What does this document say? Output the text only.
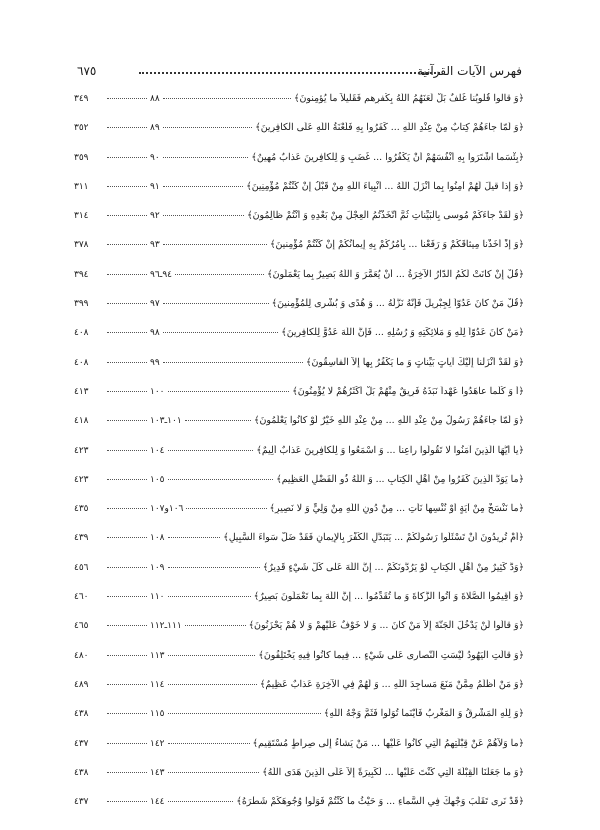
فهرس الآيات القرآنية
٦٧٥
﴿وَ قالوا قُلوبُنا غُلفٌ بَلْ لَعَنَهُمُ اللّهُ بِكُفرِهم فَقَليلاً ما يُؤمِنونَ﴾
٨٨
٣٤٩
﴿وَ لَمّا جاءَهُمْ كِتابٌ مِنْ عِنْدِ اللّهِ ... كَفَرُوا بِهِ فَلَعْنَةُ اللّهِ عَلَى الْكافِرِينَ﴾
٨٩
٣٥٢
﴿بِئْسَما اشْتَرَوا بِهِ أَنْفُسَهُمْ أَنْ يَكْفُرُوا ... غَضَبٍ وَ لِلْكافِرينَ عَذابٌ مُهِينٌ﴾
٩٠
٣٥٩
﴿وَ إذا قيلَ لَهُمْ آمِنُوا بِما أَنْزَلَ اللّهُ ... أَنْبِياءَ اللّهِ مِنْ قَبْلُ إِنْ كُنْتُمْ مُؤْمِنِينَ﴾
٩١
٣١١
﴿وَ لَقَدْ جاءَكُمْ مُوسى بِالْبَيِّناتِ ثُمَّ اتَّخَذْتُمُ الْعِجْلَ مِنْ بَعْدِهِ وَ أَنْتُمْ ظالِمُونَ﴾
٩٢
٣١٤
﴿وَ إذْ أَخَذْنا مِيثاقَكُمْ وَ رَفَعْنا ... بِأْمُرُكُمْ بِهِ إِيمانُكُمْ إِنْ كُنْتُمْ مُؤْمِنينَ﴾
٩٣
٣٧٨
﴿قُلْ إِنْ كانَتْ لَكُمُ الدّارُ الآخِرَةُ ... أَنْ يُعَمَّرَ وَ اللّهُ بَصِيرٌ بِما يَعْمَلُونَ﴾
٩٤ـ٩٦
٣٩٤
﴿قُلْ مَنْ كانَ عَدُوّاً لِجِبْرِيلَ فَإِنَّهُ نَزَّلَهُ ... وَ هُدًى وَ بُشْرى لِلْمُؤْمِنينَ﴾
٩٧
٣٩٩
﴿مَنْ كانَ عَدُوّاً لِلّهِ وَ مَلائِكَتِهِ وَ رُسُلِهِ ... فَإِنَّ اللّهَ عَدُوٌّ لِلْكافِرِينَ﴾
٩٨
٤٠٨
﴿وَ لَقَدْ أَنْزَلْنا إِلَيْكَ آياتٍ بَيِّناتٍ وَ ما يَكْفُرُ بِها إِلاّ الْفاسِقُونَ﴾
٩٩
٤٠٨
﴿أَ وَ كُلَّما عاهَدُوا عَهْداً نَبَذَهُ فَرِيقٌ مِنْهُمْ بَلْ أَكْثَرُهُمْ لا يُؤْمِنُونَ﴾
١٠٠
٤١٣
﴿وَ لَمّا جاءَهُمْ رَسُولٌ مِنْ عِنْدِ اللّهِ ... مِنْ عِنْدِ اللّهِ خَيْرٌ لَوْ كانُوا يَعْلَمُونَ﴾
١٠١ـ١٠٣
٤١٨
﴿يا أَيُّهَا الَّذِينَ آمَنُوا لا تَقُولُوا راعِنا ... وَ اسْمَعُوا وَ لِلْكافِرِينَ عَذابٌ أَلِيمٌ﴾
١٠٤
٤٢٣
﴿ما يَوَدُّ الَّذِينَ كَفَرُوا مِنْ أَهْلِ الْكِتابِ ... وَ اللّهُ ذُو الْفَضْلِ الْعَظِيمِ﴾
١٠٥
٤٢٣
﴿ما نَنْسَخْ مِنْ آيَةٍ أَوْ نُنْسِها نَأْتِ ... مِنْ دُونِ اللّهِ مِنْ وَلِيٍّ وَ لا نَصِيرٍ﴾
١٠٦و١٠٧
٤٣٥
﴿أَمْ تُرِيدُونَ أَنْ تَسْئَلُوا رَسُولَكُمْ ... يَتَبَدَّلِ الْكُفْرَ بِالإِيمانِ فَقَدْ ضَلَّ سَواءَ السَّبِيلِ﴾
١٠٨
٤٣٩
﴿وَدَّ كَثِيرٌ مِنْ أَهْلِ الْكِتابِ لَوْ يَرُدُّونَكُمْ ... إِنَّ اللّهَ عَلى كُلِّ شَيْءٍ قَدِيرٌ﴾
١٠٩
٤٥٦
﴿وَ أَقِيمُوا الصَّلاةَ وَ آتُوا الزَّكاةَ وَ ما تُقَدِّمُوا ... إِنَّ اللّهَ بِما تَعْمَلُونَ بَصِيرٌ﴾
١١٠
٤٦٠
﴿وَ قالُوا لَنْ يَدْخُلَ الْجَنَّةَ إِلاّ مَنْ كانَ ... وَ لا خَوْفٌ عَلَيْهِمْ وَ لا هُمْ يَحْزَنُونَ﴾
١١١ـ١١٢
٤٦٥
﴿وَ قالَتِ الْيَهُودُ لَيْسَتِ النَّصارى عَلى شَيْءٍ ... فِيما كانُوا فِيهِ يَخْتَلِفُونَ﴾
١١٣
٤٨٠
﴿وَ مَنْ أَظْلَمُ مِمَّنْ مَنَعَ مَساجِدَ اللّهِ ... وَ لَهُمْ فِي الآخِرَةِ عَذابٌ عَظِيمٌ﴾
١١٤
٤٨٩
﴿وَ لِلّهِ الْمَشْرِقُ وَ الْمَغْرِبُ فَأَيْنَما تُوَلُّوا فَثَمَّ وَجْهُ اللّهِ﴾
١١٥
٤٣٨
﴿ما وَلاّهُمْ عَنْ قِبْلَتِهِمُ الَّتِي كانُوا عَلَيْها ... مَنْ يَشاءُ إِلى صِراطٍ مُسْتَقِيمٍ﴾
١٤٢
٤٣٧
﴿وَ ما جَعَلْنَا الْقِبْلَةَ الَّتِي كُنْتَ عَلَيْها ... لَكَبِيرَةً إِلاّ عَلَى الَّذِينَ هَدَى اللّهُ﴾
١٤٣
٤٣٨
﴿قَدْ نَرى تَقَلُّبَ وَجْهِكَ فِي السَّماءِ ... وَ حَيْثُ ما كُنْتُمْ فَوَلُّوا وُجُوهَكُمْ شَطْرَهُ﴾
١٤٤
٤٣٧
